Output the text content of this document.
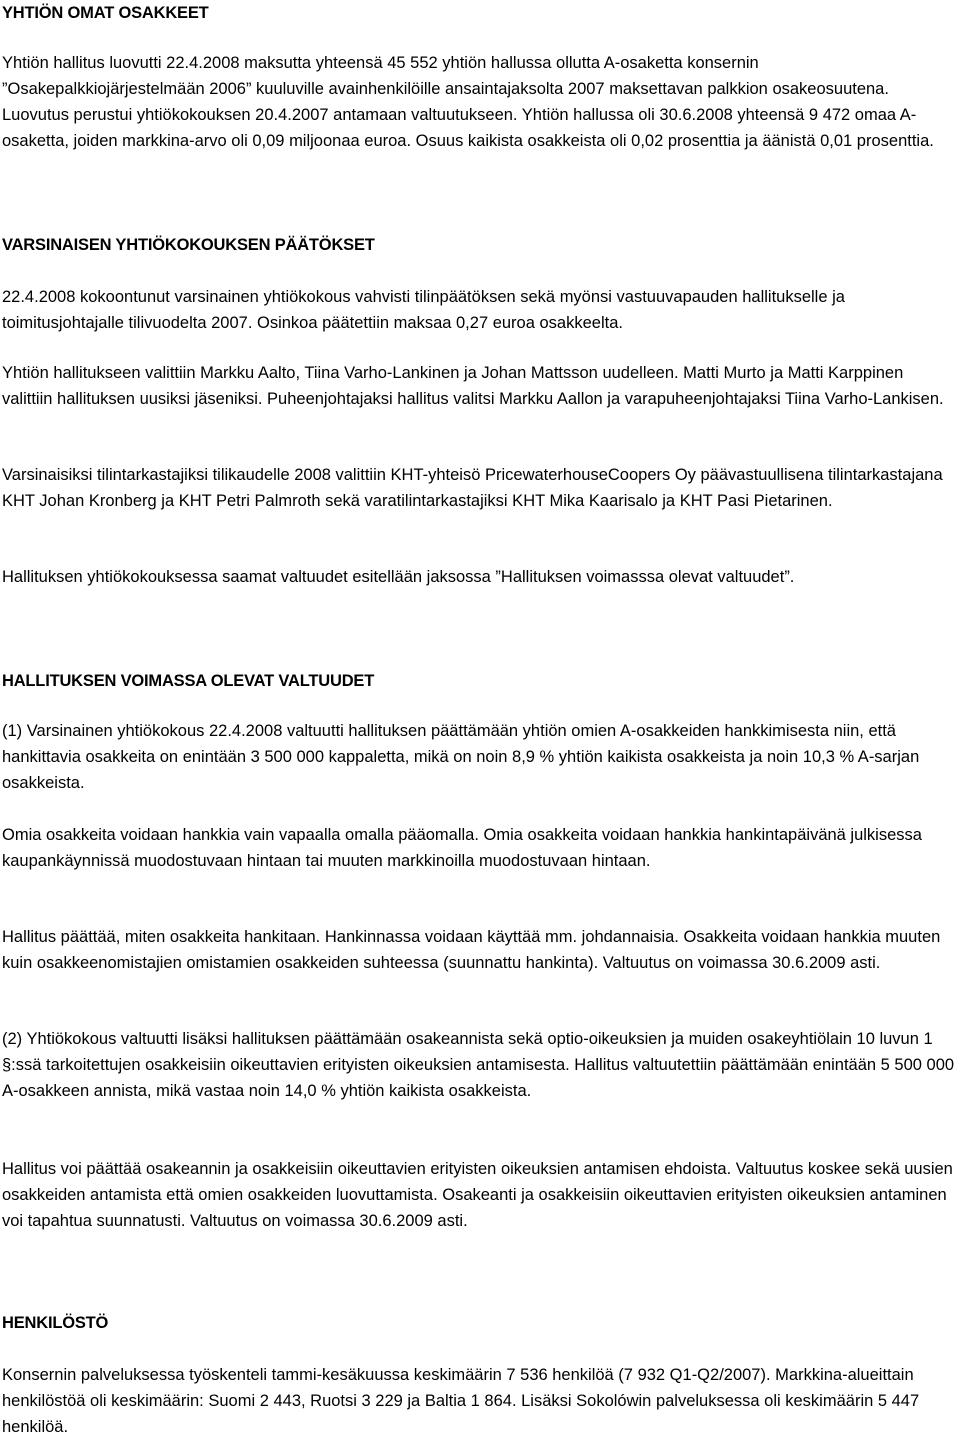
YHTIÖN OMAT OSAKKEET

Yhtiön hallitus luovutti 22.4.2008 maksutta yhteensä 45 552 yhtiön hallussa ollutta A-osaketta konsernin ”Osakepalkkiojärjestelmään 2006” kuuluville avainhenkilöille ansaintajaksolta 2007 maksettavan palkkion osakeosuutena. Luovutus perustui yhtiökokouksen 20.4.2007 antamaan valtuutukseen. Yhtiön hallussa oli 30.6.2008 yhteensä 9 472 omaa A-osaketta, joiden markkina-arvo oli 0,09 miljoonaa euroa. Osuus kaikista osakkeista oli 0,02 prosenttia ja äänistä 0,01 prosenttia.

VARSINAISEN YHTIÖKOKOUKSEN PÄÄTÖKSET

22.4.2008 kokoontunut varsinainen yhtiökokous vahvisti tilinpäätöksen sekä myönsi vastuuvapauden hallitukselle ja toimitusjohtajalle tilivuodelta 2007. Osinkoa päätettiin maksaa 0,27 euroa osakkeelta.

Yhtiön hallitukseen valittiin Markku Aalto, Tiina Varho-Lankinen ja Johan Mattsson uudelleen. Matti Murto ja Matti Karppinen valittiin hallituksen uusiksi jäseniksi. Puheenjohtajaksi hallitus valitsi Markku Aallon ja varapuheenjohtajaksi Tiina Varho-Lankisen.

Varsinaisiksi tilintarkastajiksi tilikaudelle 2008 valittiin KHT-yhteisö PricewaterhouseCoopers Oy päävastuullisena tilintarkastajana KHT Johan Kronberg ja KHT Petri Palmroth sekä varatilintarkastajiksi KHT Mika Kaarisalo ja KHT Pasi Pietarinen.

Hallituksen yhtiökokouksessa saamat valtuudet esitellään jaksossa ”Hallituksen voimasssa olevat valtuudet”.

HALLITUKSEN VOIMASSA OLEVAT VALTUUDET

(1) Varsinainen yhtiökokous 22.4.2008 valtuutti hallituksen päättämään yhtiön omien A-osakkeiden hankkimisesta niin, että hankittavia osakkeita on enintään 3 500 000 kappaletta, mikä on noin 8,9 % yhtiön kaikista osakkeista ja noin 10,3 % A-sarjan osakkeista.

Omia osakkeita voidaan hankkia vain vapaalla omalla pääomalla. Omia osakkeita voidaan hankkia hankintapäivänä julkisessa kaupankäynnissä muodostuvaan hintaan tai muuten markkinoilla muodostuvaan hintaan.

Hallitus päättää, miten osakkeita hankitaan. Hankinnassa voidaan käyttää mm. johdannaisia. Osakkeita voidaan hankkia muuten kuin osakkeenomistajien omistamien osakkeiden suhteessa (suunnattu hankinta). Valtuutus on voimassa 30.6.2009 asti.

(2) Yhtiökokous valtuutti lisäksi hallituksen päättämään osakeannista sekä optio-oikeuksien ja muiden osakeyhtiölain 10 luvun 1 §:ssä tarkoitettujen osakkeisiin oikeuttavien erityisten oikeuksien antamisesta. Hallitus valtuutettiin päättämään enintään 5 500 000 A-osakkeen annista, mikä vastaa noin 14,0 % yhtiön kaikista osakkeista.

Hallitus voi päättää osakeannin ja osakkeisiin oikeuttavien erityisten oikeuksien antamisen ehdoista. Valtuutus koskee sekä uusien osakkeiden antamista että omien osakkeiden luovuttamista. Osakeanti ja osakkeisiin oikeuttavien erityisten oikeuksien antaminen voi tapahtua suunnatusti. Valtuutus on voimassa 30.6.2009 asti.

HENKILÖSTÖ

Konsernin palveluksessa työskenteli tammi-kesäkuussa keskimäärin 7 536 henkilöä (7 932 Q1-Q2/2007). Markkina-alueittain henkilöstöä oli keskimäärin: Suomi 2 443, Ruotsi 3 229 ja Baltia 1 864. Lisäksi Sokolówin palveluksessa oli keskimäärin 5 447 henkilöä.
